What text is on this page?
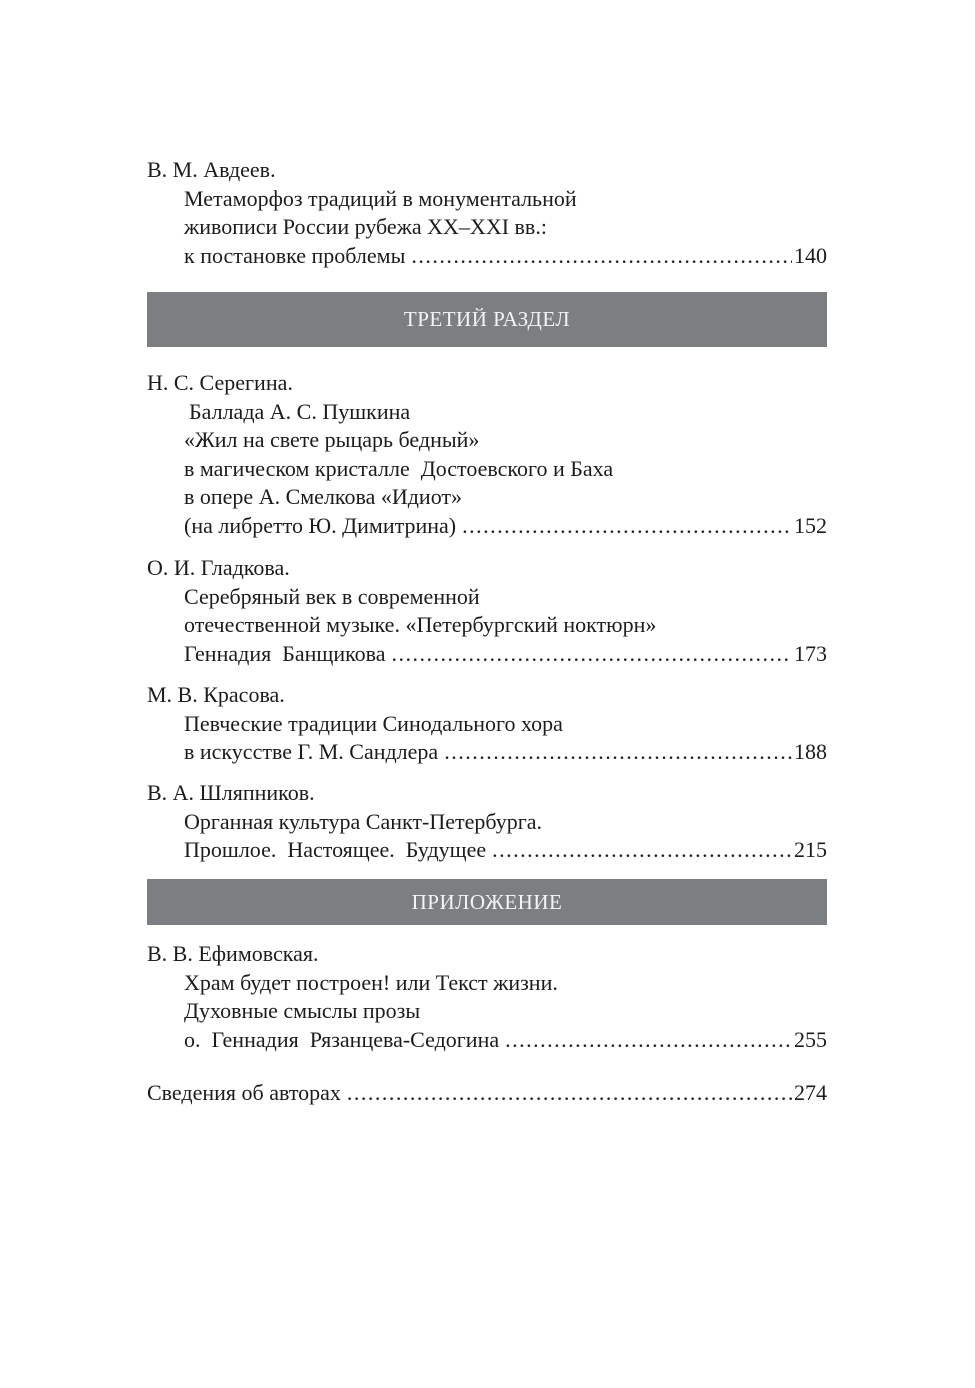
В. М. Авдеев.
Метаморфоз традиций в монументальной
живописи России рубежа XX–XXI вв.:
к постановке проблемы .....	140
ТРЕТИЙ РАЗДЕЛ
Н. С. Серегина.
Баллада А. С. Пушкина
«Жил на свете рыцарь бедный»
в магическом кристалле  Достоевского и Баха
в опере А. Смелкова «Идиот»
(на либретто Ю. Димитрина) .....	152
О. И. Гладкова.
Серебряный век в современной
отечественной музыке. «Петербургский ноктюрн»
Геннадия  Банщикова .....	173
М. В. Красова.
Певческие традиции Синодального хора
в искусстве Г. М. Сандлера .....	188
В. А. Шляпников.
Органная культура Санкт-Петербурга.
Прошлое.  Настоящее.  Будущее .....	215
ПРИЛОЖЕНИЕ
В. В. Ефимовская.
Храм будет построен! или Текст жизни.
Духовные смыслы прозы
о.  Геннадия  Рязанцева-Седогина .....	255
Сведения об авторах .....	274
